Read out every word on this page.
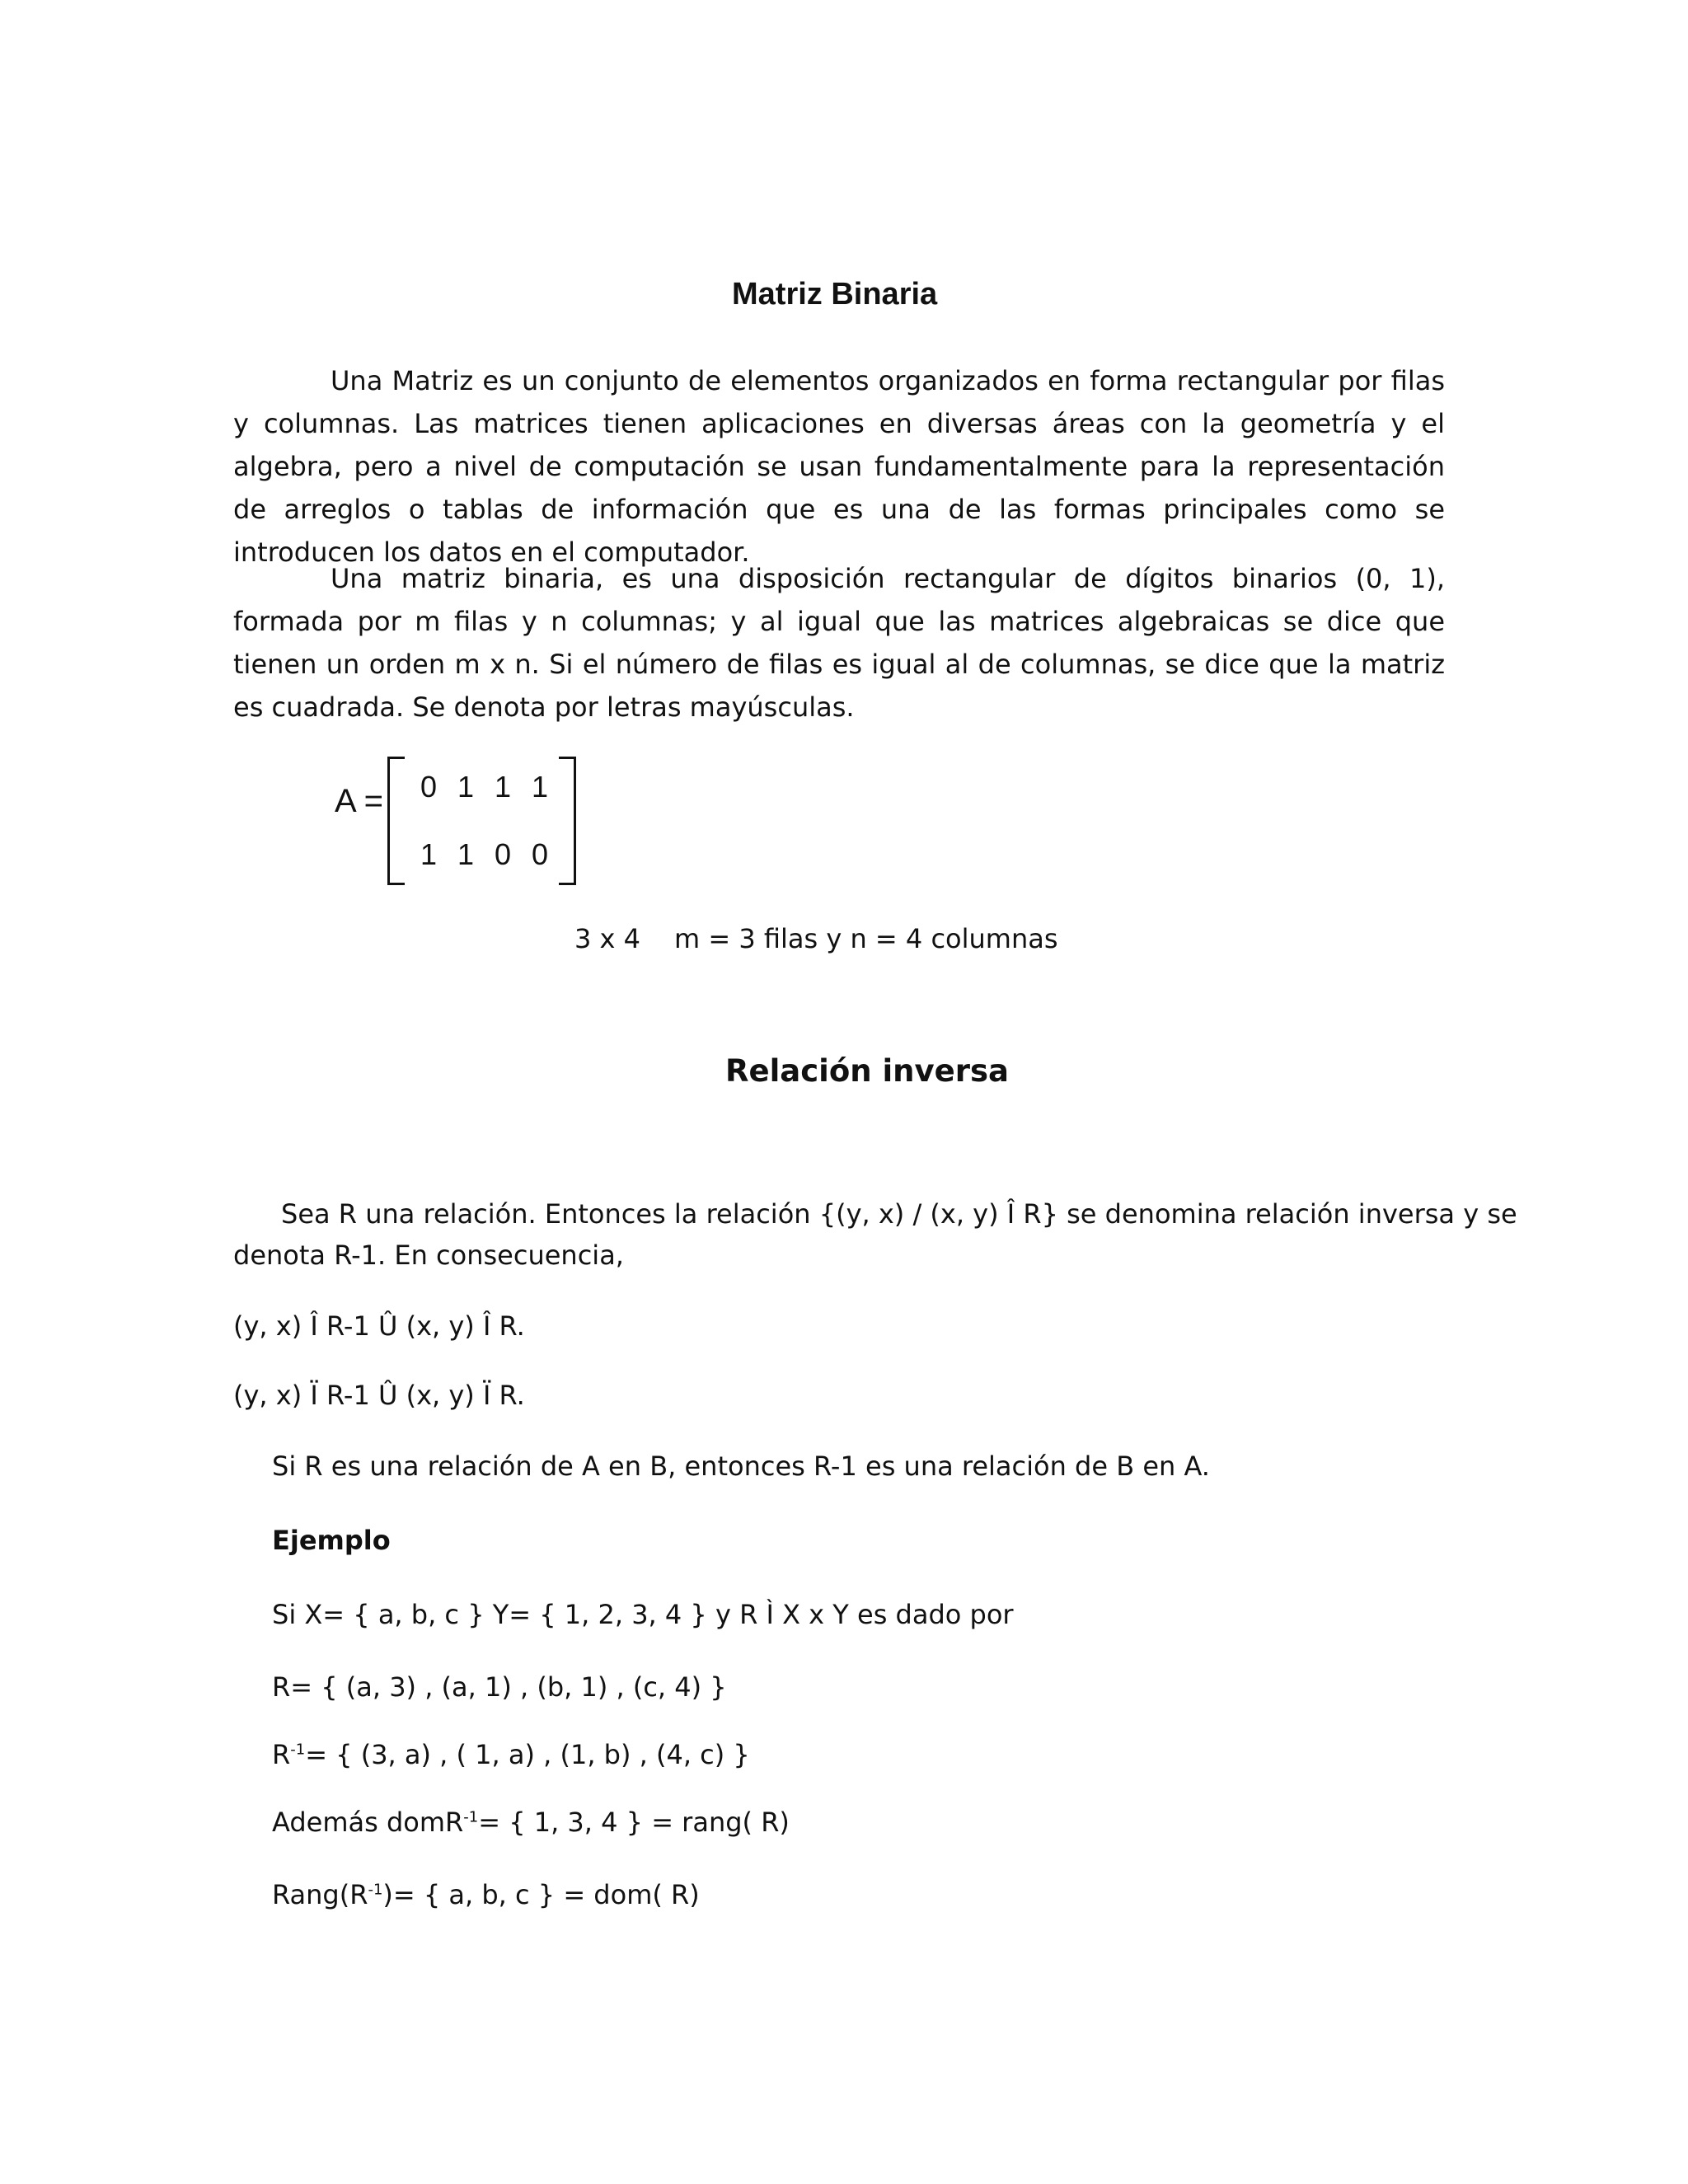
Matriz Binaria

Una Matriz es un conjunto de elementos organizados en forma rectangular por filas y columnas. Las matrices tienen aplicaciones en diversas áreas con la geometría y el algebra, pero a nivel de computación se usan fundamentalmente para la representación de arreglos o tablas de información que es una de las formas principales como se introducen los datos en el computador.

Una matriz binaria, es una disposición rectangular de dígitos binarios (0, 1), formada por m filas y n columnas; y al igual que las matrices algebraicas se dice que tienen un orden m x n. Si el número de filas es igual al de columnas, se dice que la matriz es cuadrada. Se denota por letras mayúsculas.

A = 0 1 1 1
1 1 0 0
3 x 4 m = 3 filas y n = 4 columnas
Relación inversa
Sea R una relación. Entonces la relación {(y, x) / (x, y) Î R} se denomina relación inversa y se
denota R-1. En consecuencia,
(y, x) Î R-1 Û (x, y) Î R.
(y, x) Ï R-1 Û (x, y) Ï R.
Si R es una relación de A en B, entonces R-1 es una relación de B en A.
Ejemplo
Si X= { a, b, c } Y= { 1, 2, 3, 4 } y R Ì X x Y es dado por
R= { (a, 3) , (a, 1) , (b, 1) , (c, 4) }
$R^{-1}=$ { (3, a) , ( 1, a) , (1, b) , (4, c) }
Además domR$^{-1}$= { 1, 3, 4 } = rang( R)
$Rang(R^{-1})=$ { a, b, c } = dom( R)
